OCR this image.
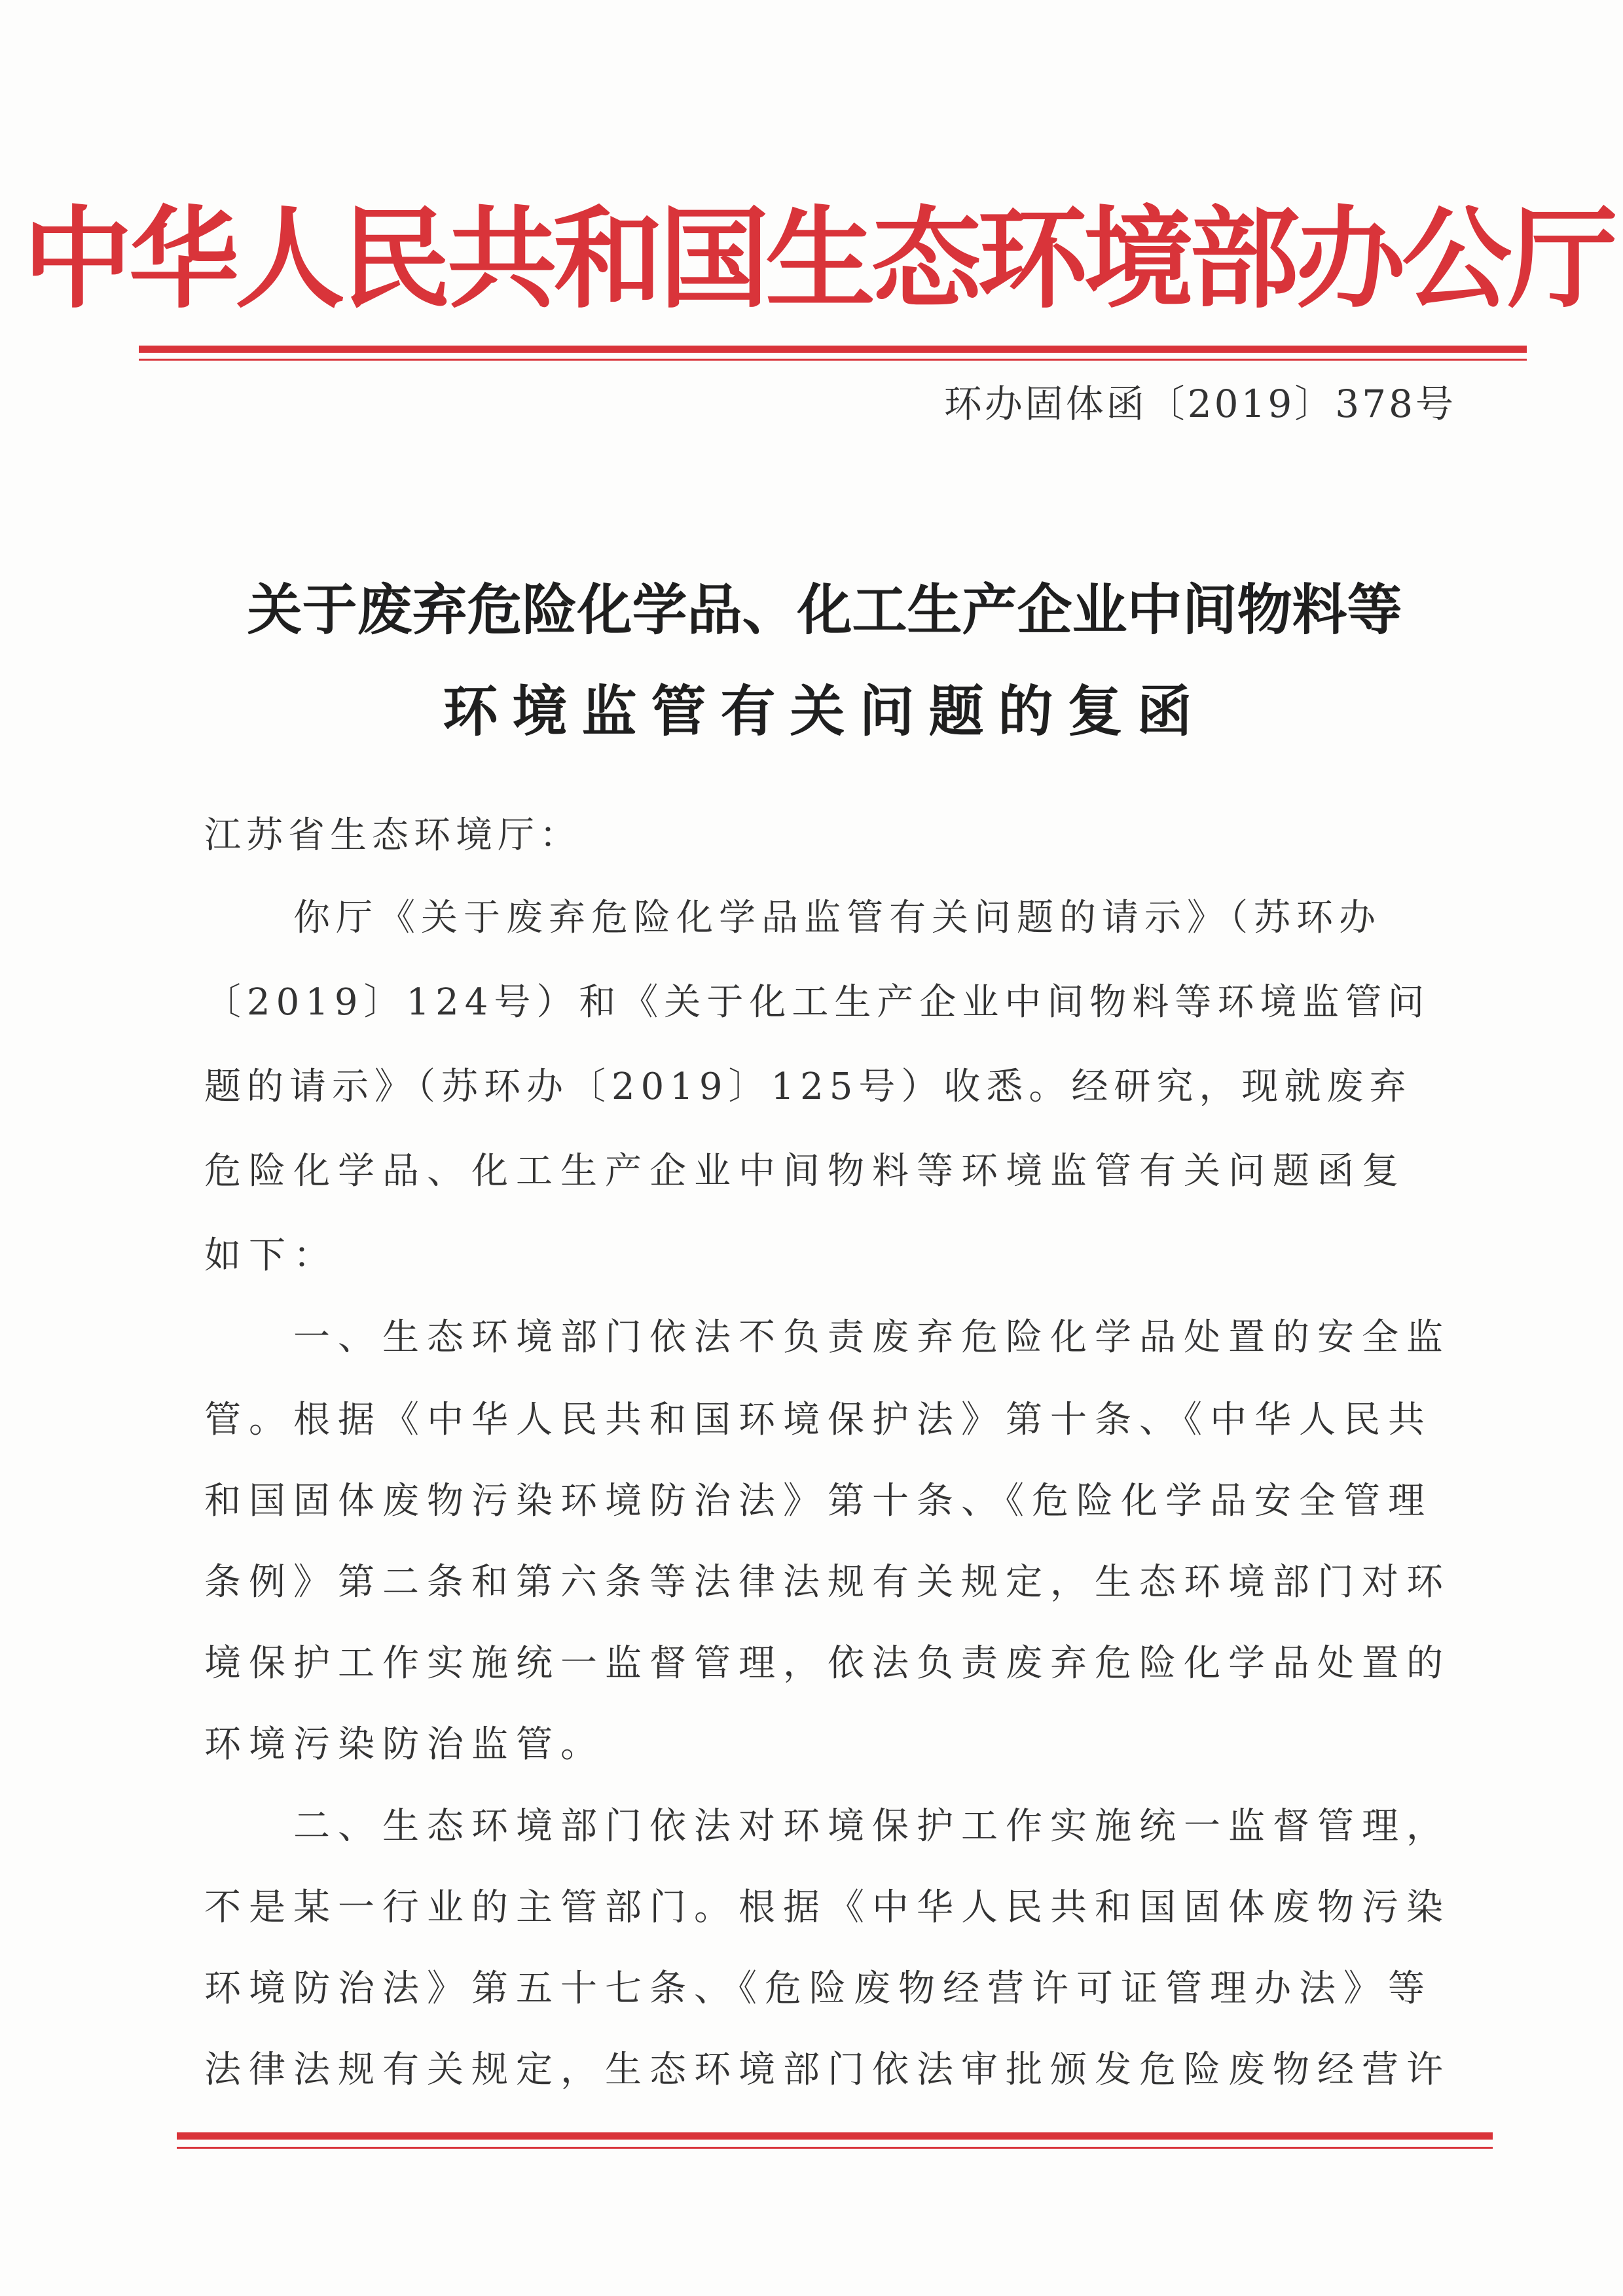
中华人民共和国生态环境部办公厅
环办固体函〔2019〕378号
关于废弃危险化学品、化工生产企业中间物料等
环境监管有关问题的复函
江苏省生态环境厅：
你厅《关于废弃危险化学品监管有关问题的请示》（苏环办
〔2019〕124号）和《关于化工生产企业中间物料等环境监管问
题的请示》（苏环办〔2019〕125号）收悉。经研究，现就废弃
危险化学品、化工生产企业中间物料等环境监管有关问题函复
如下：
一、生态环境部门依法不负责废弃危险化学品处置的安全监
管。根据《中华人民共和国环境保护法》第十条、《中华人民共
和国固体废物污染环境防治法》第十条、《危险化学品安全管理
条例》第二条和第六条等法律法规有关规定，生态环境部门对环
境保护工作实施统一监督管理，依法负责废弃危险化学品处置的
环境污染防治监管。
二、生态环境部门依法对环境保护工作实施统一监督管理，
不是某一行业的主管部门。根据《中华人民共和国固体废物污染
环境防治法》第五十七条、《危险废物经营许可证管理办法》等
法律法规有关规定，生态环境部门依法审批颁发危险废物经营许
